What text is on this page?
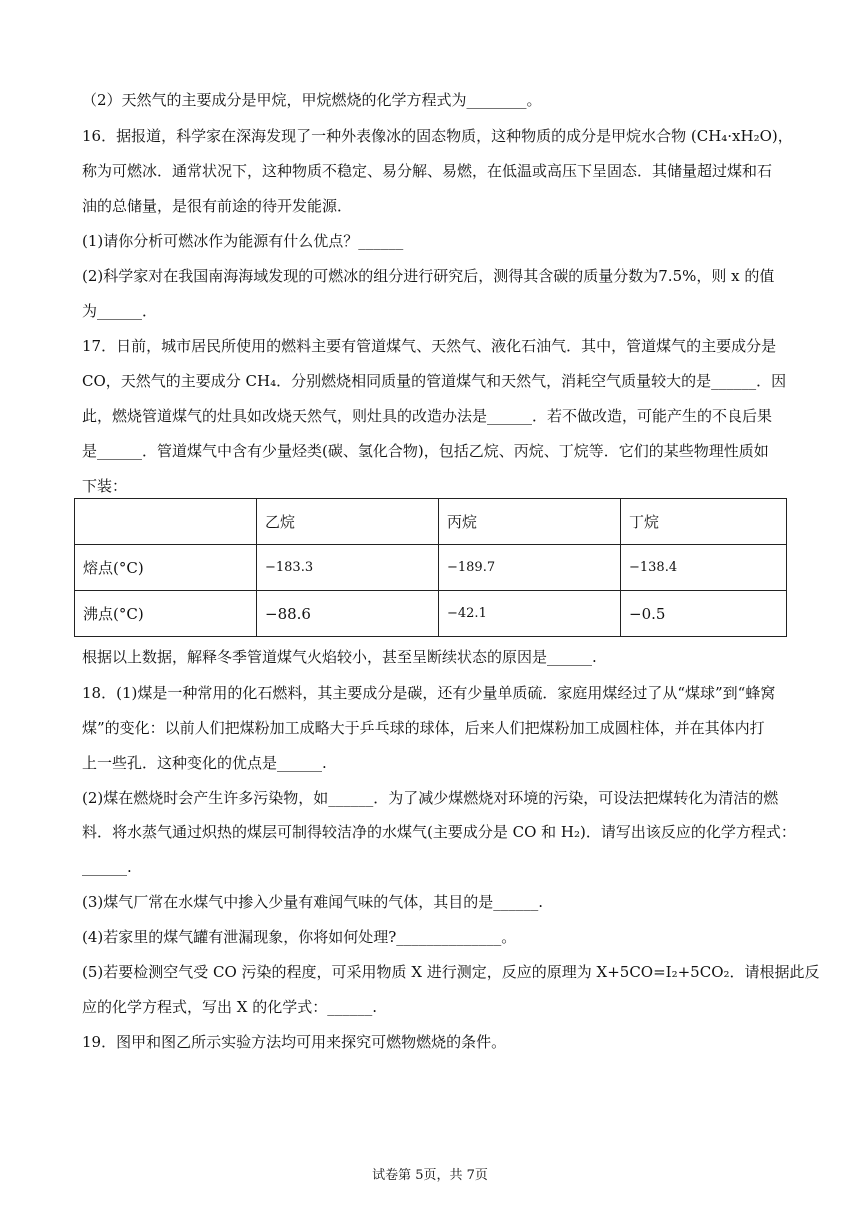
（2）天然气的主要成分是甲烷，甲烷燃烧的化学方程式为________。
16．据报道，科学家在深海发现了一种外表像冰的固态物质，这种物质的成分是甲烷水合物 (CH₄·xH₂O)，
称为可燃冰．通常状况下，这种物质不稳定、易分解、易燃，在低温或高压下呈固态．其储量超过煤和石
油的总储量，是很有前途的待开发能源．
(1)请你分析可燃冰作为能源有什么优点？______
(2)科学家对在我国南海海域发现的可燃冰的组分进行研究后，测得其含碳的质量分数为7.5%，则 x 的值
为______．
17．日前，城市居民所使用的燃料主要有管道煤气、天然气、液化石油气．其中，管道煤气的主要成分是
CO，天然气的主要成分 CH₄．分别燃烧相同质量的管道煤气和天然气，消耗空气质量较大的是______．因
此，燃烧管道煤气的灶具如改烧天然气，则灶具的改造办法是______．若不做改造，可能产生的不良后果
是______．管道煤气中含有少量烃类(碳、氢化合物)，包括乙烷、丙烷、丁烷等．它们的某些物理性质如
下装：
	乙烷	丙烷	丁烷
熔点(°C)	−183.3	−189.7	−138.4
沸点(°C)	−88.6	−42.1	−0.5
根据以上数据，解释冬季管道煤气火焰较小，甚至呈断续状态的原因是______.
18．(1)煤是一种常用的化石燃料，其主要成分是碳，还有少量单质硫．家庭用煤经过了从“煤球”到“蜂窝
煤”的变化：以前人们把煤粉加工成略大于乒乓球的球体，后来人们把煤粉加工成圆柱体，并在其体内打
上一些孔．这种变化的优点是______.
(2)煤在燃烧时会产生许多污染物，如______．为了减少煤燃烧对环境的污染，可设法把煤转化为清洁的燃
料．将水蒸气通过炽热的煤层可制得较洁净的水煤气(主要成分是 CO 和 H₂)．请写出该反应的化学方程式：
______.
(3)煤气厂常在水煤气中掺入少量有难闻气味的气体，其目的是______.
(4)若家里的煤气罐有泄漏现象，你将如何处理?______________。
(5)若要检测空气受 CO 污染的程度，可采用物质 X 进行测定，反应的原理为 X+5CO=I₂+5CO₂．请根据此反
应的化学方程式，写出 X 的化学式：______.
19．图甲和图乙所示实验方法均可用来探究可燃物燃烧的条件。
试卷第 5页，共 7页
